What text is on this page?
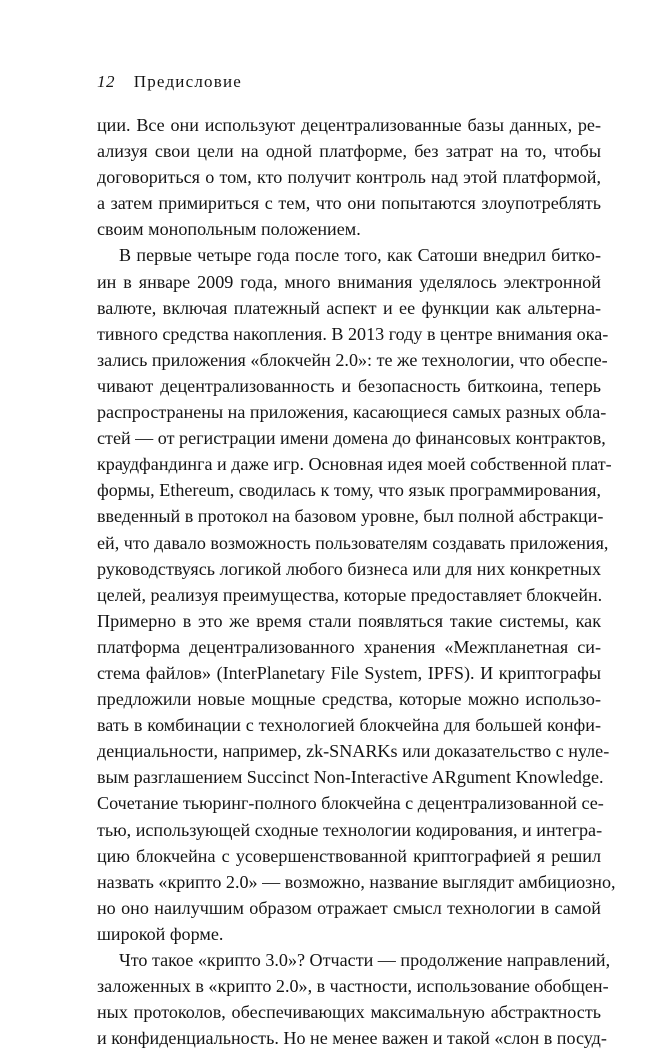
12 Предисловие
ции. Все они используют децентрализованные базы данных, ре-
ализуя свои цели на одной платформе, без затрат на то, чтобы
договориться о том, кто получит контроль над этой платформой,
а затем примириться с тем, что они попытаются злоупотреблять
своим монопольным положением.
В первые четыре года после того, как Сатоши внедрил битко-
ин в январе 2009 года, много внимания уделялось электронной
валюте, включая платежный аспект и ее функции как альтерна-
тивного средства накопления. В 2013 году в центре внимания ока-
зались приложения «блокчейн 2.0»: те же технологии, что обеспе-
чивают децентрализованность и безопасность биткоина, теперь
распространены на приложения, касающиеся самых разных обла-
стей — от регистрации имени домена до финансовых контрактов,
краудфандинга и даже игр. Основная идея моей собственной плат-
формы, Ethereum, сводилась к тому, что язык программирования,
введенный в протокол на базовом уровне, был полной абстракци-
ей, что давало возможность пользователям создавать приложения,
руководствуясь логикой любого бизнеса или для них конкретных
целей, реализуя преимущества, которые предоставляет блокчейн.
Примерно в это же время стали появляться такие системы, как
платформа децентрализованного хранения «Межпланетная си-
стема файлов» (InterPlanetary File System, IPFS). И криптографы
предложили новые мощные средства, которые можно использо-
вать в комбинации с технологией блокчейна для большей конфи-
денциальности, например, zk-SNARKs или доказательство с нуле-
вым разглашением Succinct Non-Interactive ARgument Knowledge.
Сочетание тьюринг-полного блокчейна с децентрализованной се-
тью, использующей сходные технологии кодирования, и интегра-
цию блокчейна с усовершенствованной криптографией я решил
назвать «крипто 2.0» — возможно, название выглядит амбициозно,
но оно наилучшим образом отражает смысл технологии в самой
широкой форме.
Что такое «крипто 3.0»? Отчасти — продолжение направлений,
заложенных в «крипто 2.0», в частности, использование обобщен-
ных протоколов, обеспечивающих максимальную абстрактность
и конфиденциальность. Но не менее важен и такой «слон в посуд-
